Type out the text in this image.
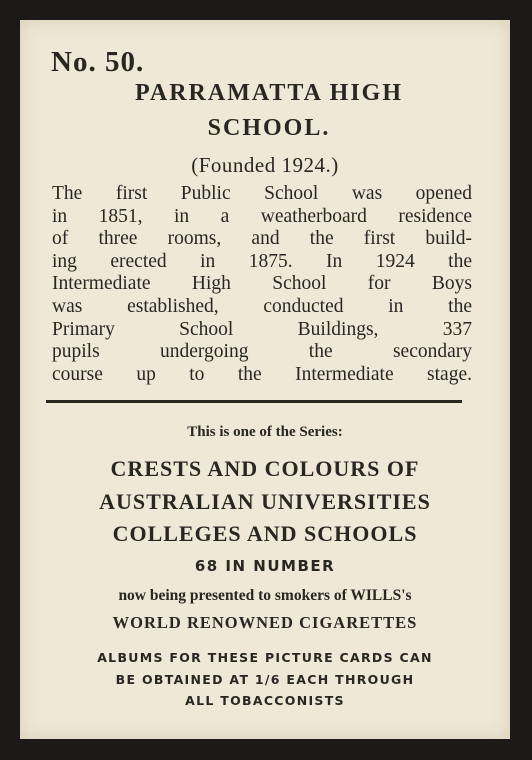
No. 50.
PARRAMATTA HIGH
SCHOOL.
(Founded 1924.)
The first Public School was opened
in 1851, in a weatherboard residence
of three rooms, and the first build-
ing erected in 1875. In 1924 the
Intermediate High School for Boys
was established, conducted in the
Primary School Buildings, 337
pupils undergoing the secondary
course up to the Intermediate stage.
This is one of the Series:
CRESTS AND COLOURS OF
AUSTRALIAN UNIVERSITIES
COLLEGES AND SCHOOLS
68 IN NUMBER
now being presented to smokers of WILLS's
WORLD RENOWNED CIGARETTES
ALBUMS FOR THESE PICTURE CARDS CAN
BE OBTAINED AT 1/6 EACH THROUGH
ALL TOBACCONISTS
